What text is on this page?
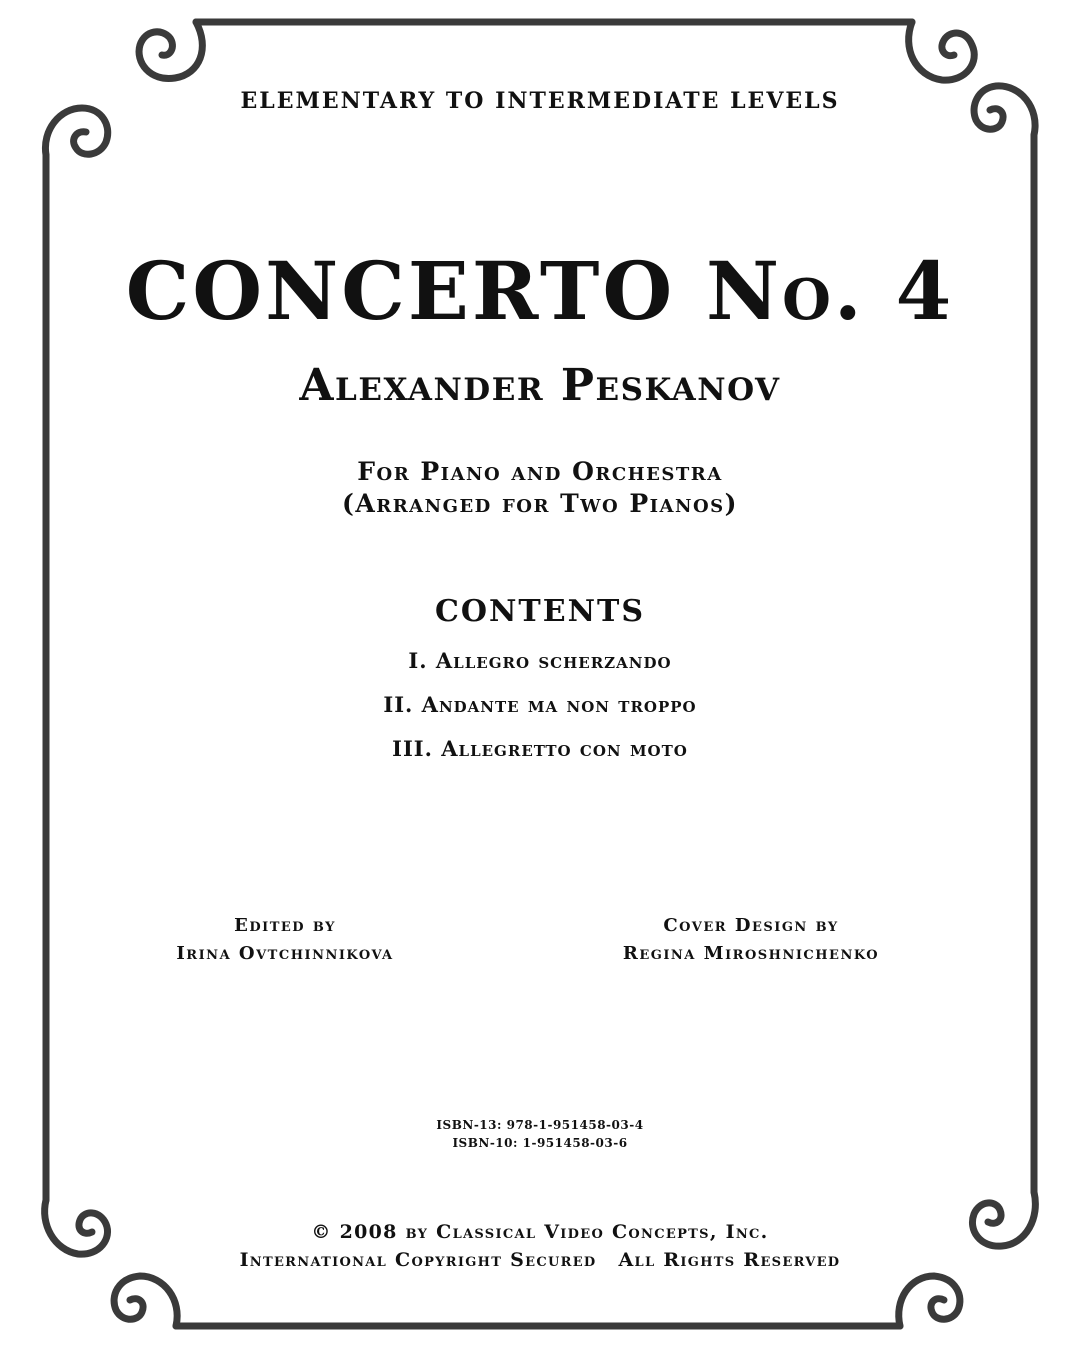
ELEMENTARY TO INTERMEDIATE LEVELS
CONCERTO No. 4
Alexander Peskanov
For Piano and Orchestra
(Arranged for Two Pianos)
CONTENTS
I. Allegro scherzando
II. Andante ma non troppo
III. Allegretto con moto
Edited by
Irina Ovtchinnikova
Cover Design by
Regina Miroshnichenko
ISBN-13: 978-1-951458-03-4
ISBN-10: 1-951458-03-6
© 2008 by Classical Video Concepts, Inc.
International Copyright Secured All Rights Reserved
